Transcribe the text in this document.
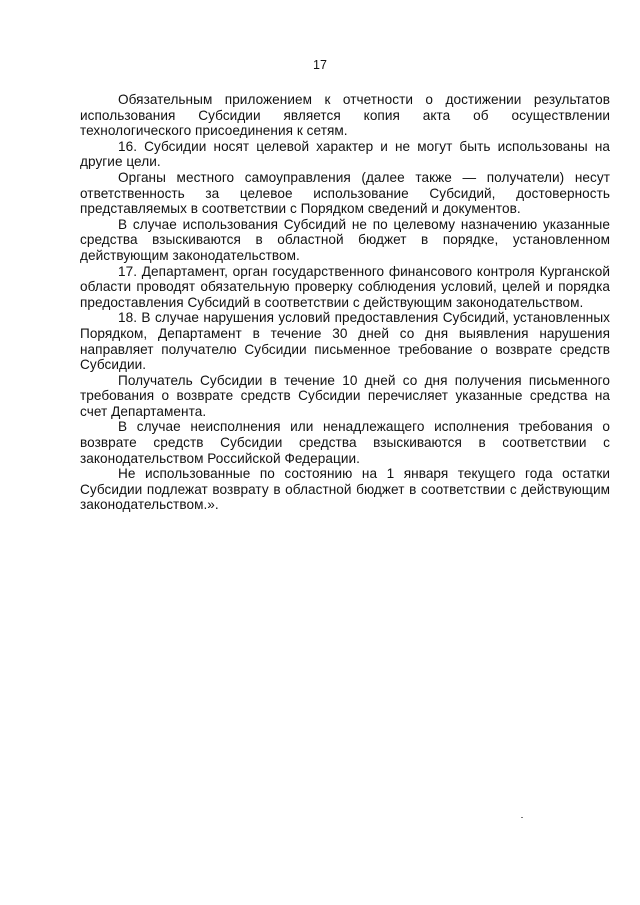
17

Обязательным приложением к отчетности о достижении результатов использования Субсидии является копия акта об осуществлении технологического присоединения к сетям.

16. Субсидии носят целевой характер и не могут быть использованы на другие цели.

Органы местного самоуправления (далее также — получатели) несут ответственность за целевое использование Субсидий, достоверность представляемых в соответствии с Порядком сведений и документов.

В случае использования Субсидий не по целевому назначению указанные средства взыскиваются в областной бюджет в порядке, установленном действующим законодательством.

17. Департамент, орган государственного финансового контроля Курганской области проводят обязательную проверку соблюдения условий, целей и порядка предоставления Субсидий в соответствии с действующим законодательством.

18. В случае нарушения условий предоставления Субсидий, установленных Порядком, Департамент в течение 30 дней со дня выявления нарушения направляет получателю Субсидии письменное требование о возврате средств Субсидии.

Получатель Субсидии в течение 10 дней со дня получения письменного требования о возврате средств Субсидии перечисляет указанные средства на счет Департамента.

В случае неисполнения или ненадлежащего исполнения требования о возврате средств Субсидии средства взыскиваются в соответствии с законодательством Российской Федерации.

Не использованные по состоянию на 1 января текущего года остатки Субсидии подлежат возврату в областной бюджет в соответствии с действующим законодательством.».
